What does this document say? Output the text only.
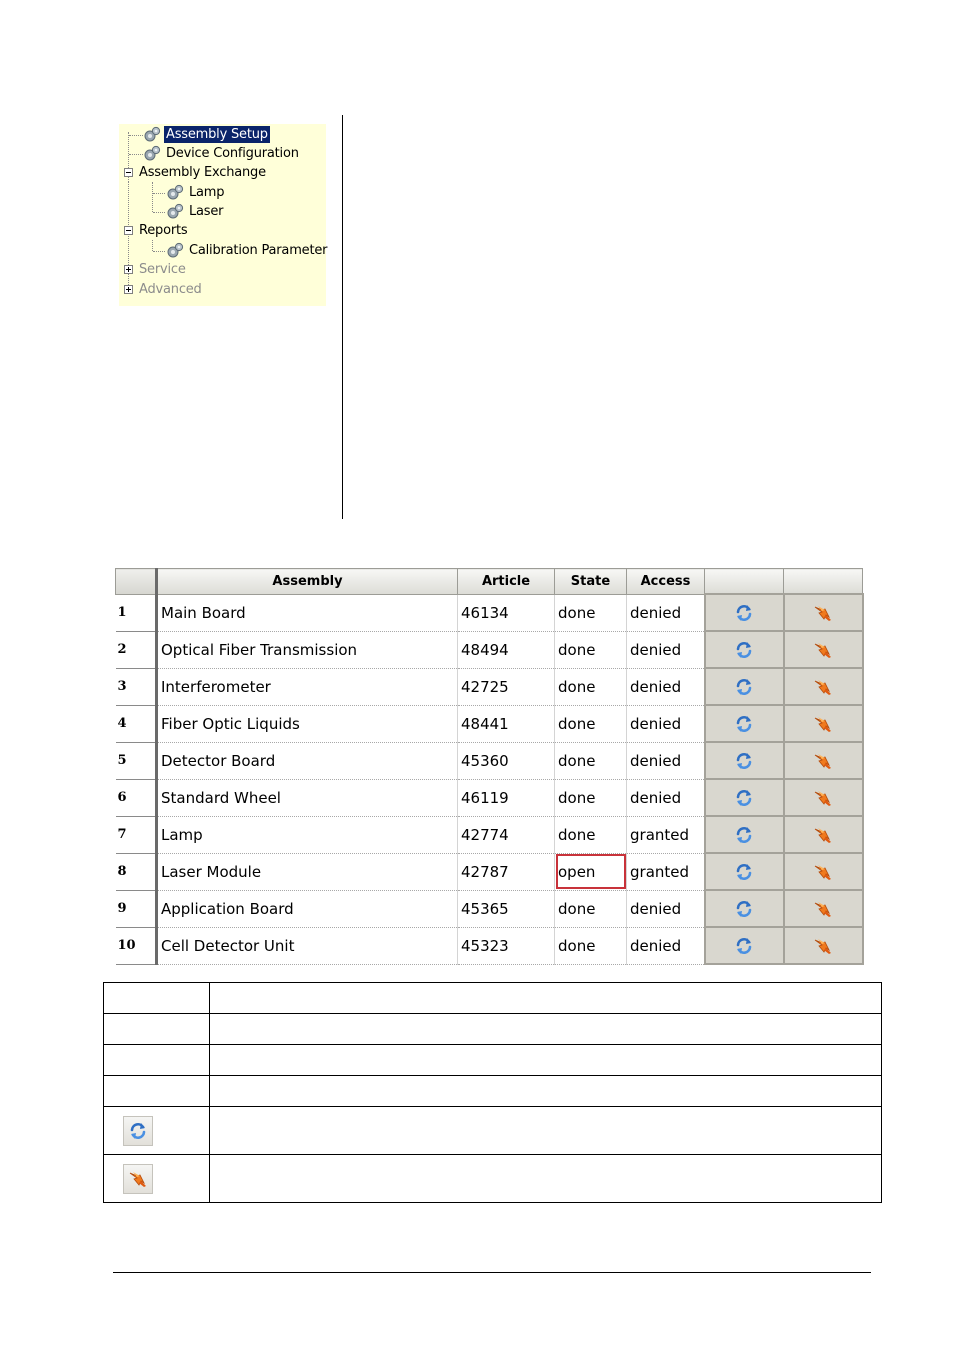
Assembly Setup
Device Configuration
Assembly Exchange
Lamp
Laser
Reports
Calibration Parameter
Service
Advanced
	Assembly	Article	State	Access		
1	Main Board	46134	done	denied	

2	Optical Fiber Transmission	48494	done	denied	

3	Interferometer	42725	done	denied	

4	Fiber Optic Liquids	48441	done	denied	

5	Detector Board	45360	done	denied	

6	Standard Wheel	46119	done	denied	

7	Lamp	42774	done	granted	

8	Laser Module	42787	open	granted	

9	Application Board	45365	done	denied	

10	Cell Detector Unit	45323	done	denied	
